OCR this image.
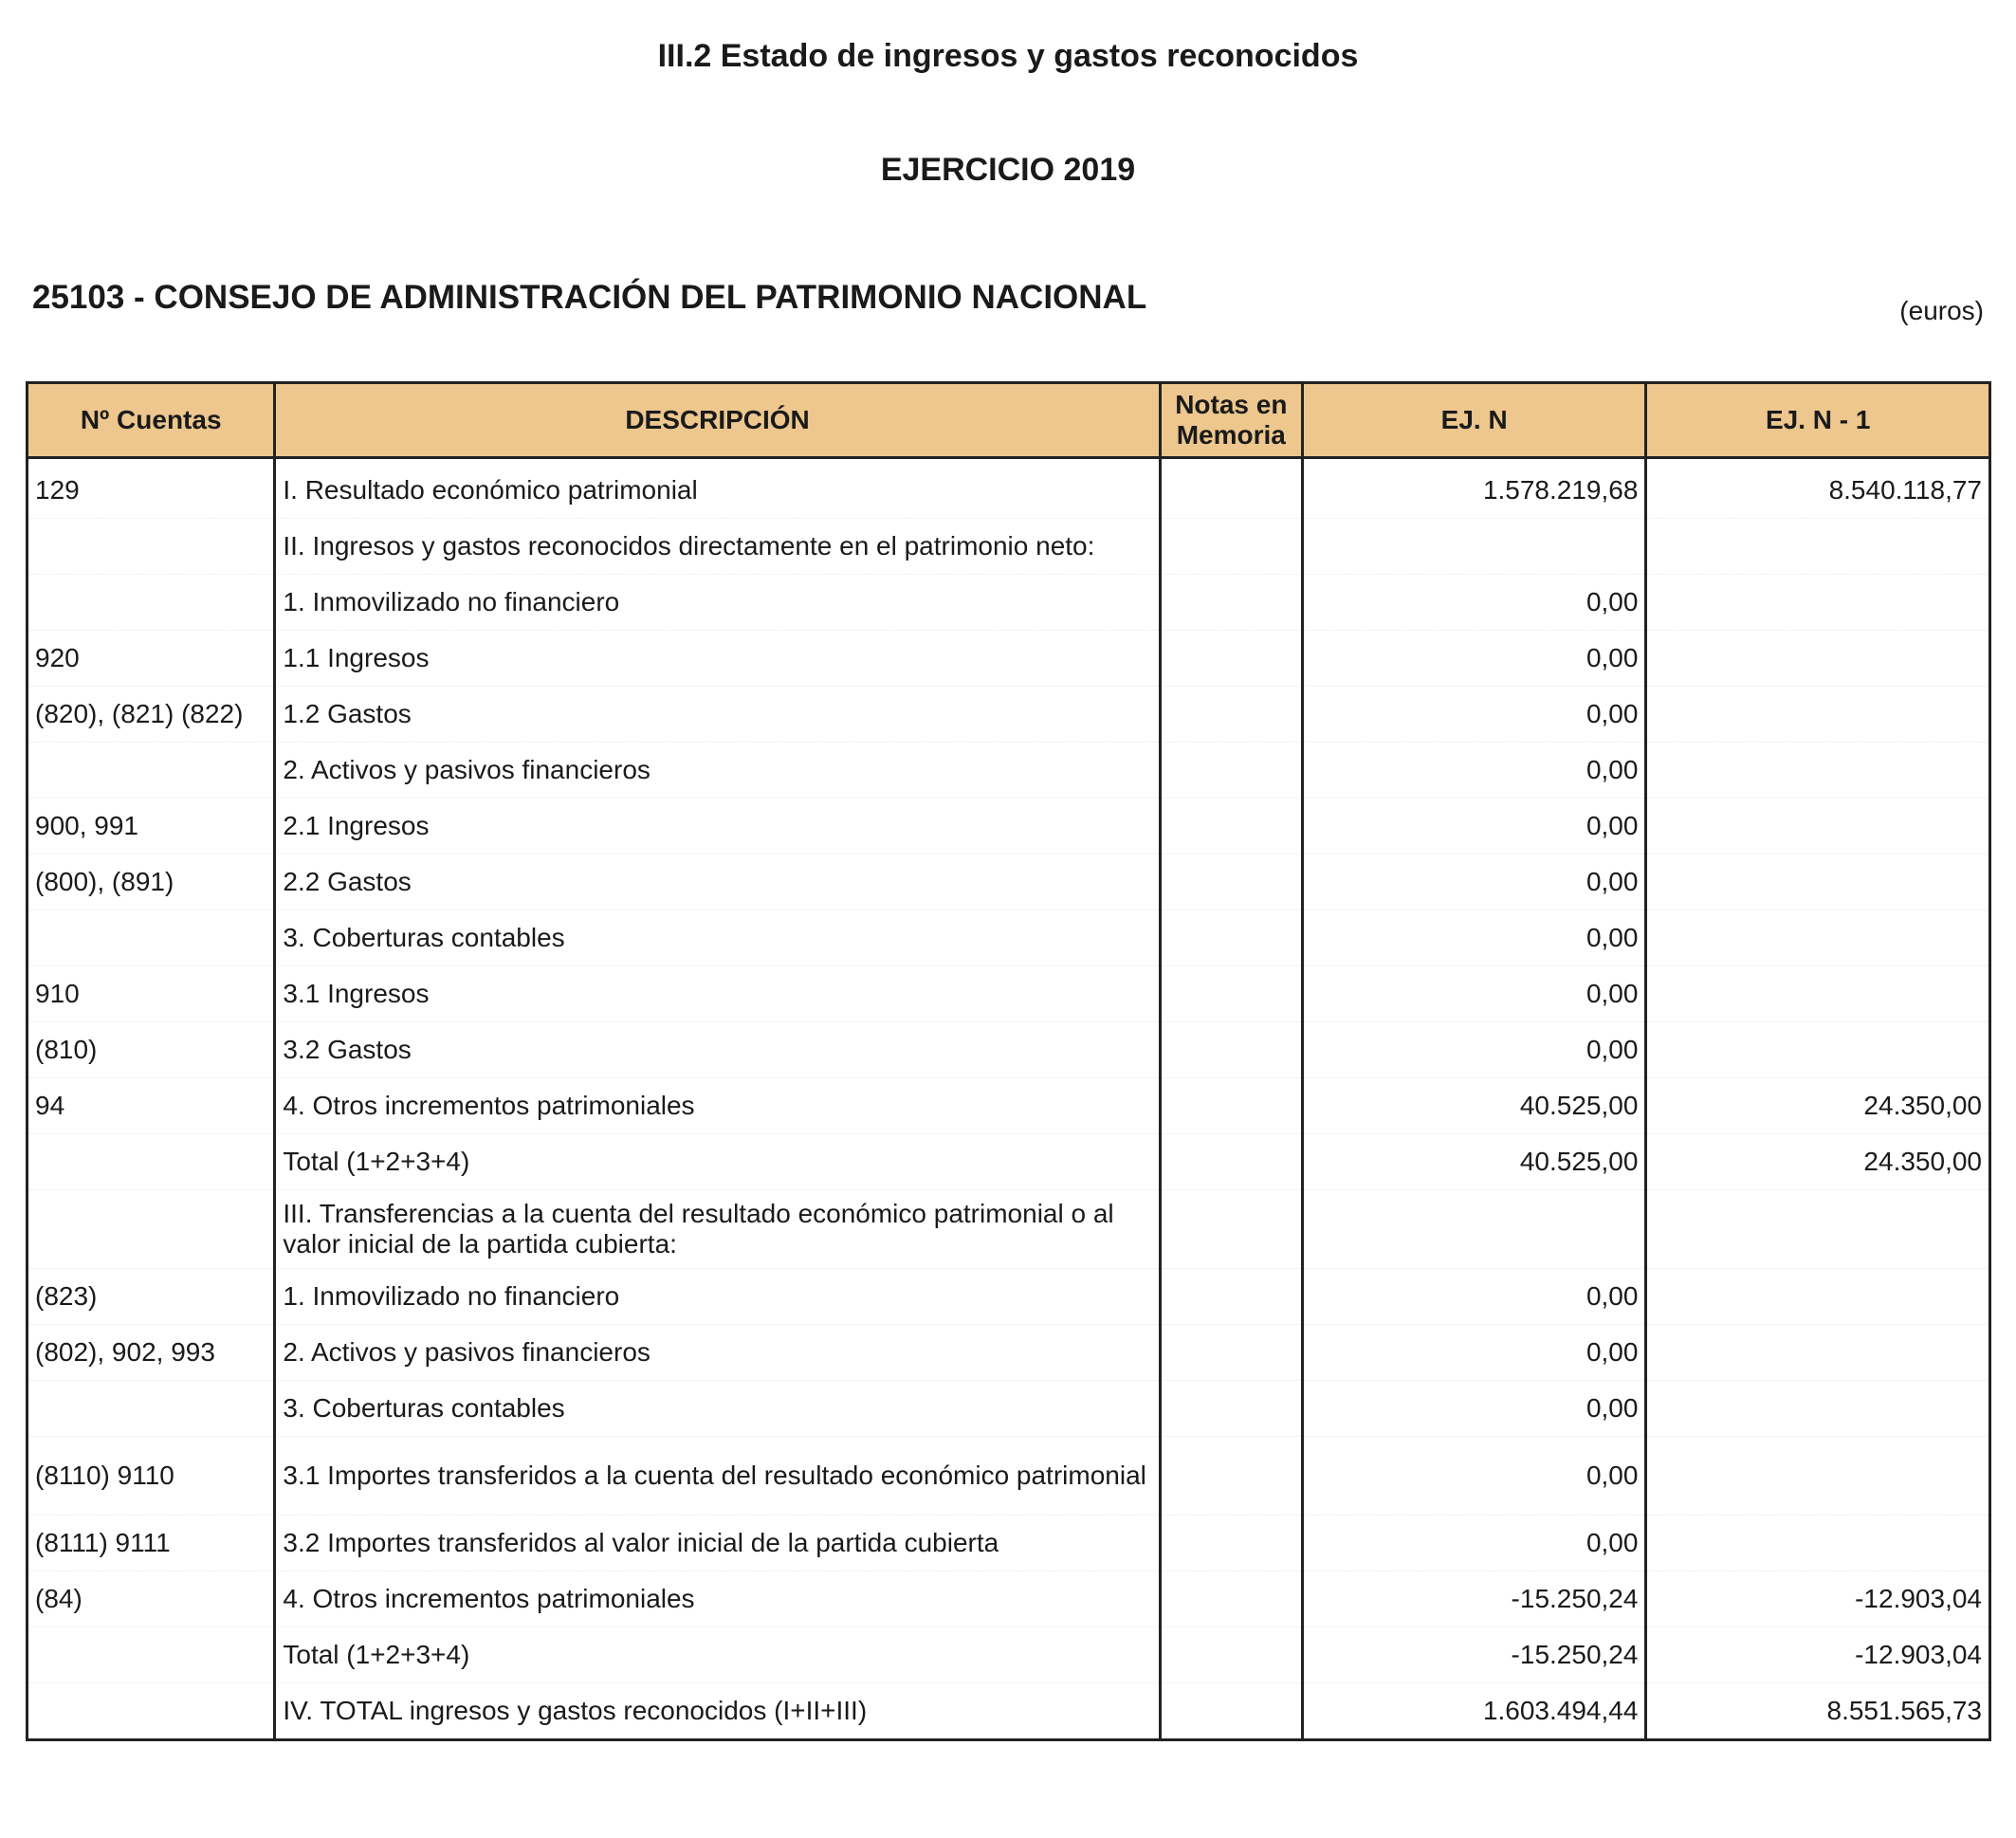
III.2 Estado de ingresos y gastos reconocidos
EJERCICIO 2019
25103 - CONSEJO DE ADMINISTRACIÓN DEL PATRIMONIO NACIONAL	(euros)
Nº Cuentas	DESCRIPCIÓN	Notas en Memoria	EJ. N	EJ. N - 1
129	I. Resultado económico patrimonial		1.578.219,68	8.540.118,77
	II. Ingresos y gastos reconocidos directamente en el patrimonio neto:			
	1. Inmovilizado no financiero		0,00	
920	1.1 Ingresos		0,00	
(820), (821) (822)	1.2 Gastos		0,00	
	2. Activos y pasivos financieros		0,00	
900, 991	2.1 Ingresos		0,00	
(800), (891)	2.2 Gastos		0,00	
	3. Coberturas contables		0,00	
910	3.1 Ingresos		0,00	
(810)	3.2 Gastos		0,00	
94	4. Otros incrementos patrimoniales		40.525,00	24.350,00
	Total (1+2+3+4)		40.525,00	24.350,00
	III. Transferencias a la cuenta del resultado económico patrimonial o al valor inicial de la partida cubierta:			
(823)	1. Inmovilizado no financiero		0,00	
(802), 902, 993	2. Activos y pasivos financieros		0,00	
	3. Coberturas contables		0,00	
(8110) 9110	3.1 Importes transferidos a la cuenta del resultado económico patrimonial		0,00	
(8111) 9111	3.2 Importes transferidos al valor inicial de la partida cubierta		0,00	
(84)	4. Otros incrementos patrimoniales		-15.250,24	-12.903,04
	Total (1+2+3+4)		-15.250,24	-12.903,04
	IV. TOTAL ingresos y gastos reconocidos (I+II+III)		1.603.494,44	8.551.565,73
